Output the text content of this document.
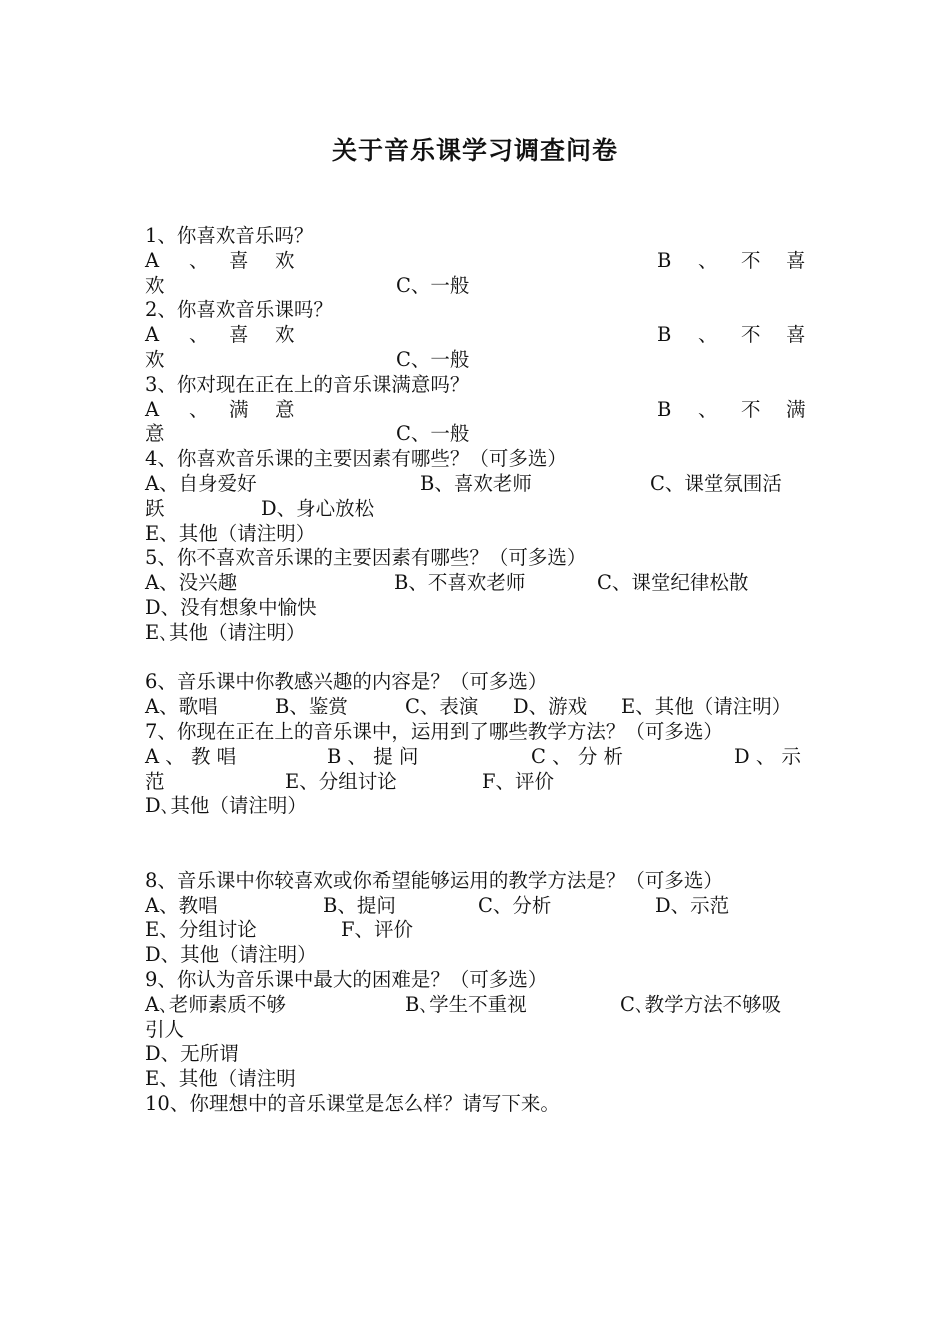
关于音乐课学习调查问卷
1、你喜欢音乐吗？
A 、 喜 欢	B 、 不 喜
欢	C、一般
2、你喜欢音乐课吗？
A 、 喜 欢	B 、 不 喜
欢	C、一般
3、你对现在正在上的音乐课满意吗？
A 、 满 意	B 、 不 满
意	C、一般
4、你喜欢音乐课的主要因素有哪些？（可多选）
A、自身爱好	B、喜欢老师	C、课堂氛围活
跃	D、身心放松
E、其他（请注明）
5、你不喜欢音乐课的主要因素有哪些？（可多选）
A、没兴趣	B、不喜欢老师	C、课堂纪律松散
D、没有想象中愉快
E､其他（请注明）
6、音乐课中你教感兴趣的内容是？（可多选）
A、歌唱	B、鉴赏	C、表演 D、游戏 E、其他（请注明）
7、你现在正在上的音乐课中，运用到了哪些教学方法？（可多选）
A 、 教 唱	B 、 提 问	C 、 分 析	D 、 示
范	E、分组讨论	F、评价
D､其他（请注明）
8、音乐课中你较喜欢或你希望能够运用的教学方法是？（可多选）
A、教唱	B、提问	C、分析	D、示范
E、分组讨论	F、评价
D、其他（请注明）
9、你认为音乐课中最大的困难是？（可多选）
A､老师素质不够	B､学生不重视	C､教学方法不够吸
引人
D、无所谓
E、其他（请注明
10、你理想中的音乐课堂是怎么样？请写下来。
